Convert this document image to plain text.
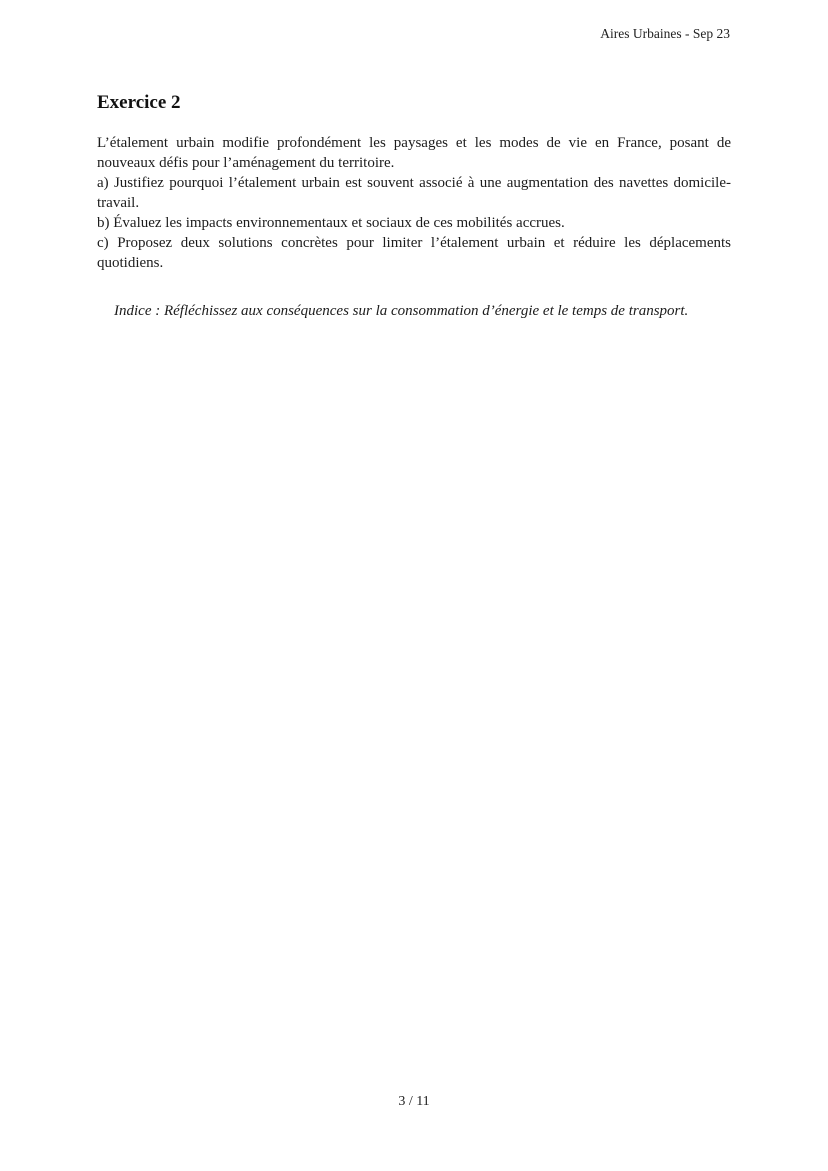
Aires Urbaines - Sep 23
Exercice 2

L’étalement urbain modifie profondément les paysages et les modes de vie en France, posant de nouveaux défis pour l’aménagement du territoire.

a) Justifiez pourquoi l’étalement urbain est souvent associé à une augmentation des navettes domicile-travail.

b) Évaluez les impacts environnementaux et sociaux de ces mobilités accrues.

c) Proposez deux solutions concrètes pour limiter l’étalement urbain et réduire les déplacements quotidiens.

Indice : Réfléchissez aux conséquences sur la consommation d’énergie et le temps de transport.
3 / 11
